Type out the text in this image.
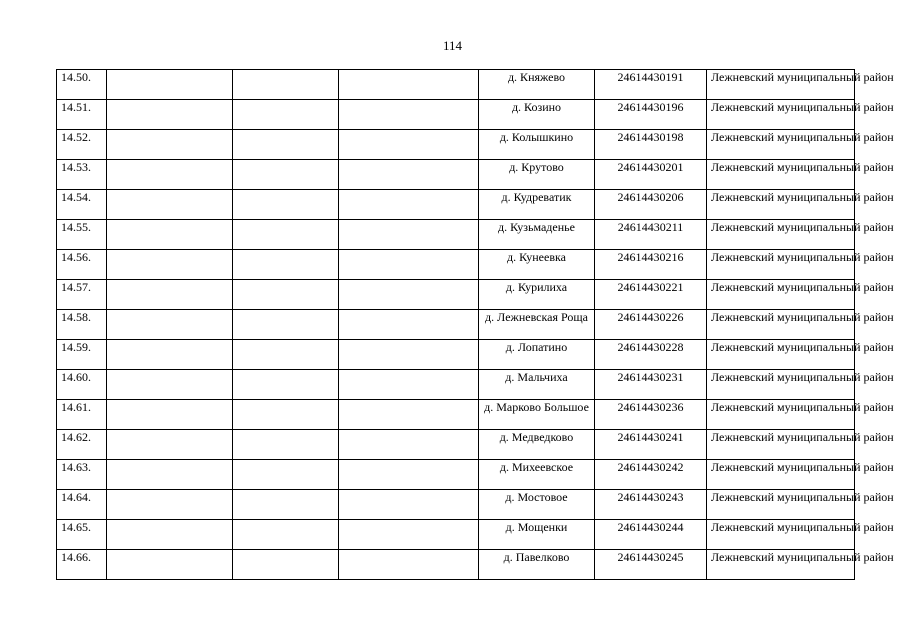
114
14.50.				д. Княжево	24614430191	Лежневский муниципальный район
14.51.				д. Козино	24614430196	Лежневский муниципальный район
14.52.				д. Колышкино	24614430198	Лежневский муниципальный район
14.53.				д. Крутово	24614430201	Лежневский муниципальный район
14.54.				д. Кудреватик	24614430206	Лежневский муниципальный район
14.55.				д. Кузьмаденье	24614430211	Лежневский муниципальный район
14.56.				д. Кунеевка	24614430216	Лежневский муниципальный район
14.57.				д. Курилиха	24614430221	Лежневский муниципальный район
14.58.				д. Лежневская Роща	24614430226	Лежневский муниципальный район
14.59.				д. Лопатино	24614430228	Лежневский муниципальный район
14.60.				д. Мальчиха	24614430231	Лежневский муниципальный район
14.61.				д. Марково Большое	24614430236	Лежневский муниципальный район
14.62.				д. Медведково	24614430241	Лежневский муниципальный район
14.63.				д. Михеевское	24614430242	Лежневский муниципальный район
14.64.				д. Мостовое	24614430243	Лежневский муниципальный район
14.65.				д. Мощенки	24614430244	Лежневский муниципальный район
14.66.				д. Павелково	24614430245	Лежневский муниципальный район
